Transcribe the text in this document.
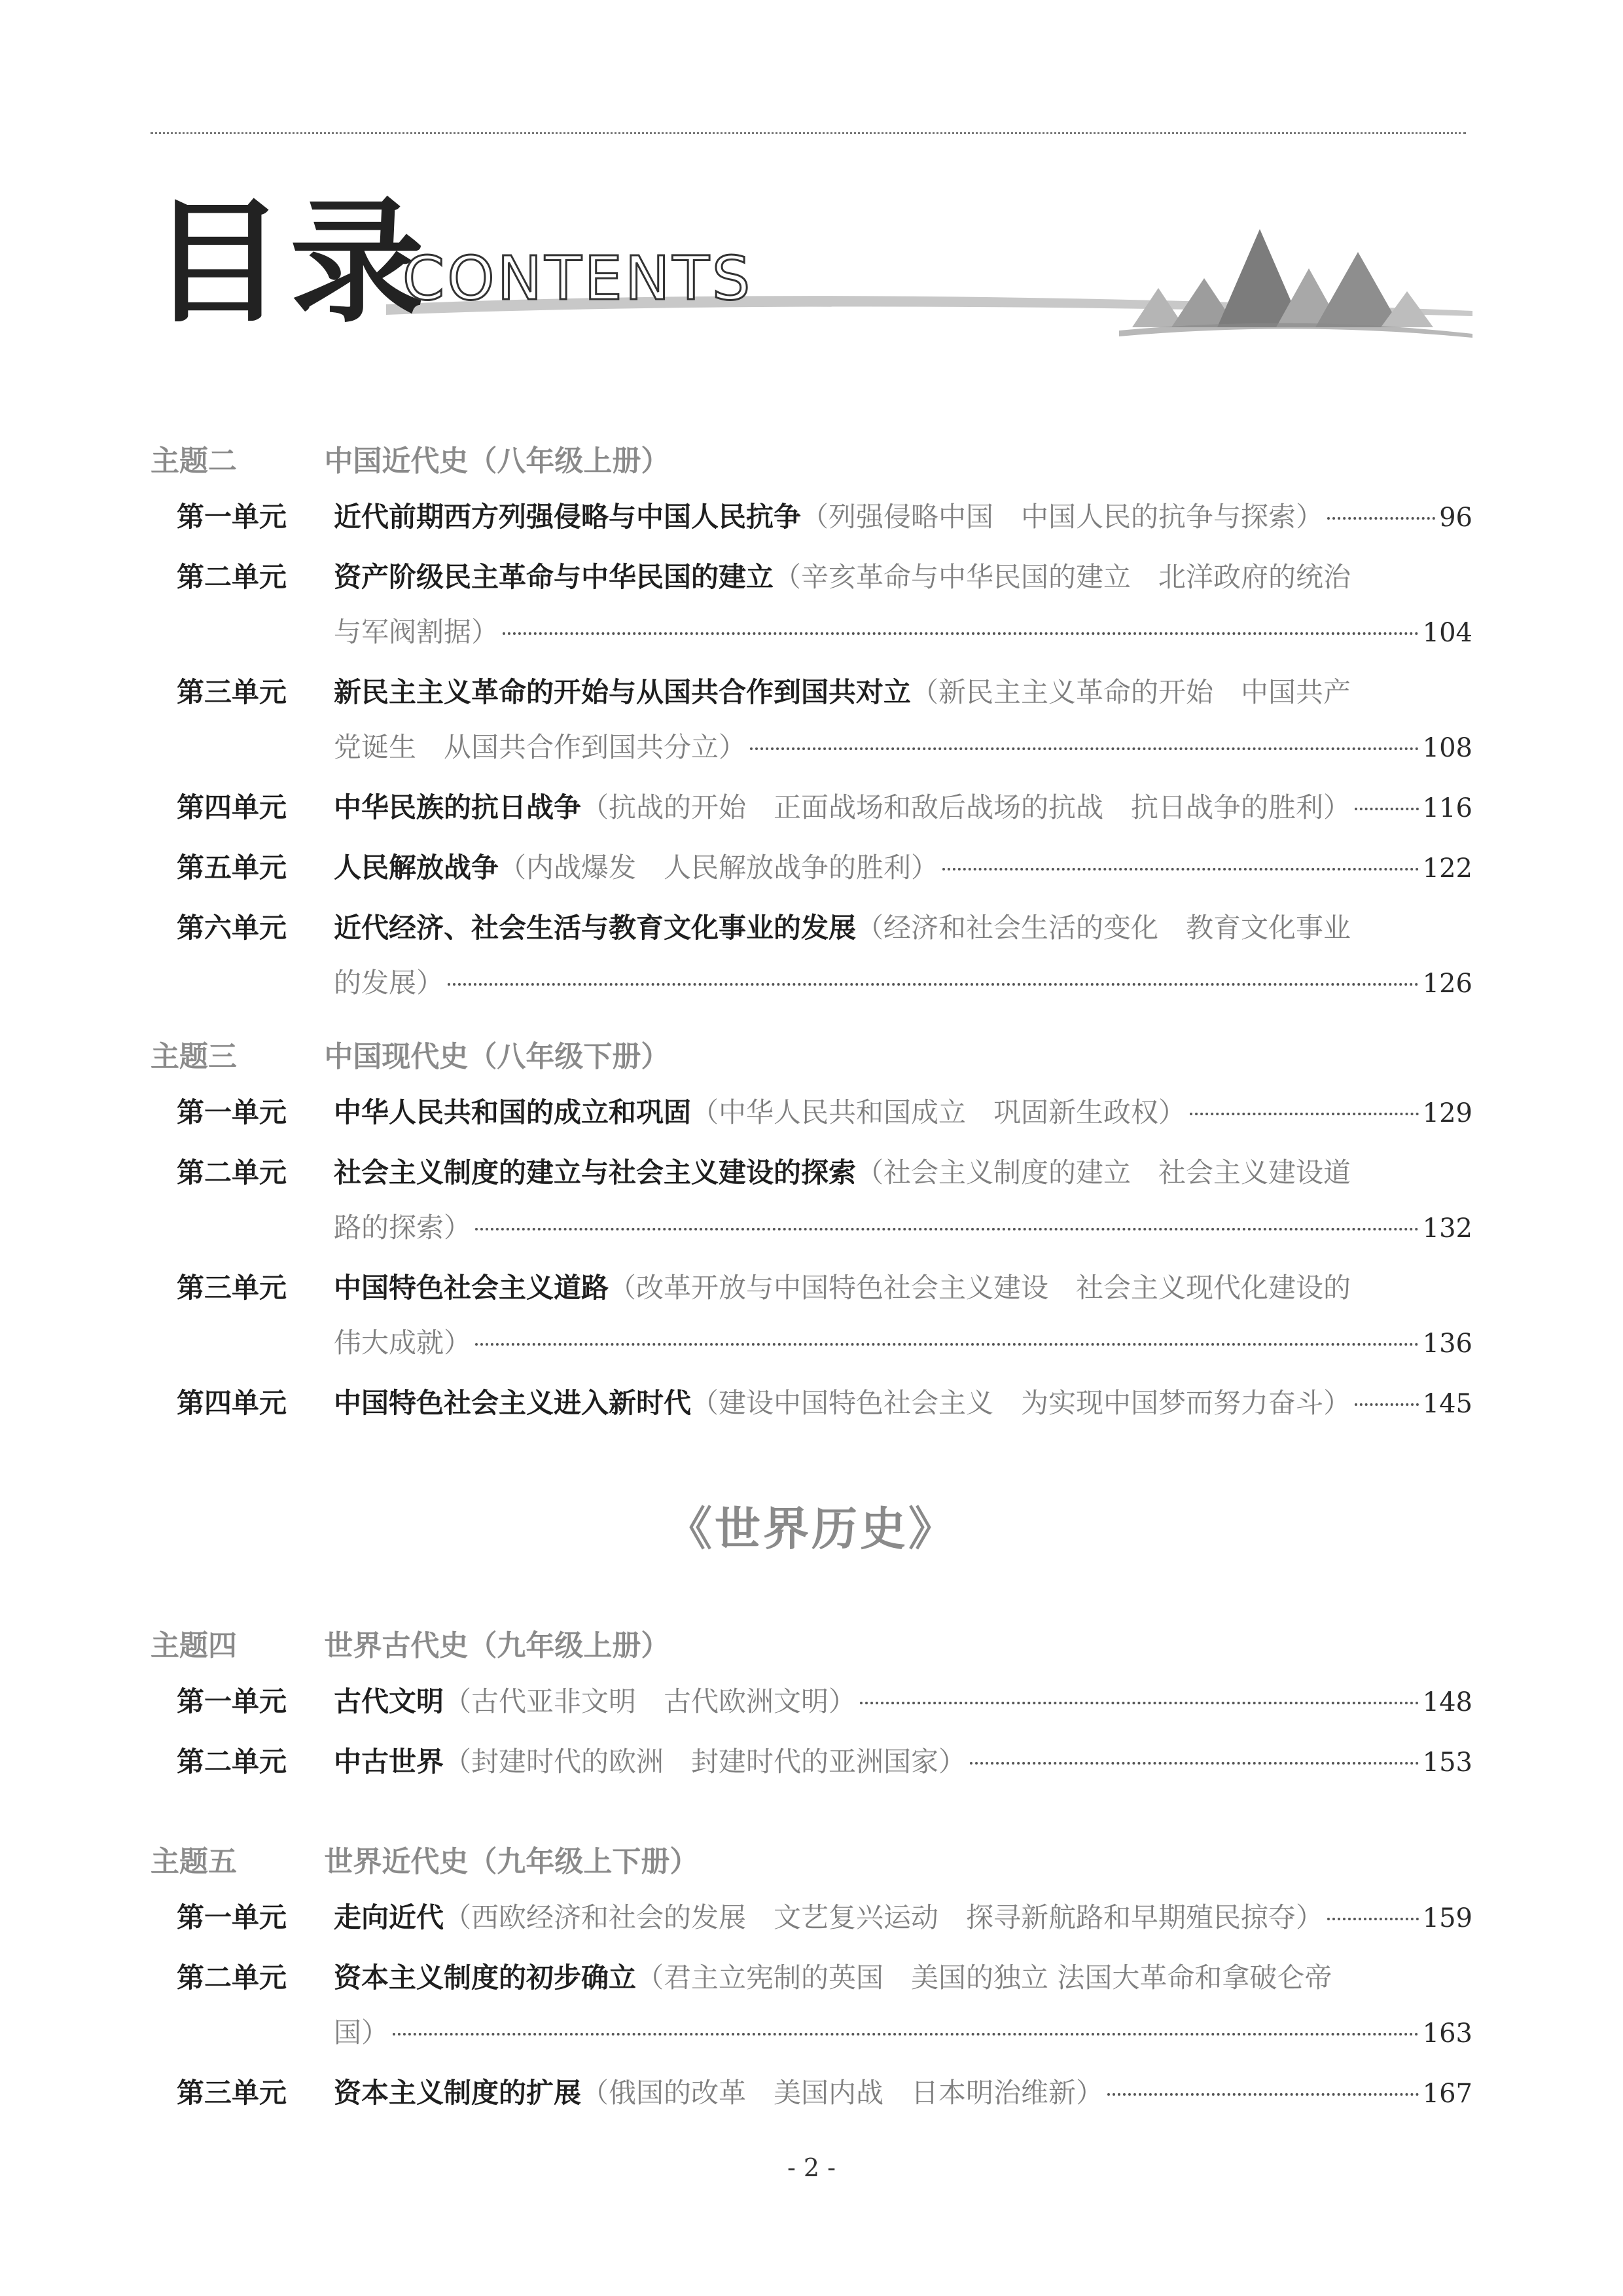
目录
CONTENTS
主题二	中国近代史（八年级上册）
第一单元	近代前期西方列强侵略与中国人民抗争 （列强侵略中国　中国人民的抗争与探索）	96
第二单元	资产阶级民主革命与中华民国的建立 （辛亥革命与中华民国的建立　北洋政府的统治
与军阀割据）	104
第三单元	新民主主义革命的开始与从国共合作到国共对立 （新民主主义革命的开始　中国共产
党诞生　从国共合作到国共分立）	108
第四单元	中华民族的抗日战争 （抗战的开始　正面战场和敌后战场的抗战　抗日战争的胜利）	116
第五单元	人民解放战争 （内战爆发　人民解放战争的胜利）	122
第六单元	近代经济、社会生活与教育文化事业的发展 （经济和社会生活的变化　教育文化事业
的发展）	126
主题三	中国现代史（八年级下册）
第一单元	中华人民共和国的成立和巩固 （中华人民共和国成立　巩固新生政权）	129
第二单元	社会主义制度的建立与社会主义建设的探索 （社会主义制度的建立　社会主义建设道
路的探索）	132
第三单元	中国特色社会主义道路 （改革开放与中国特色社会主义建设　社会主义现代化建设的
伟大成就）	136
第四单元	中国特色社会主义进入新时代 （建设中国特色社会主义　为实现中国梦而努力奋斗）	145
《世界历史》
主题四	世界古代史（九年级上册）
第一单元	古代文明 （古代亚非文明　古代欧洲文明）	148
第二单元	中古世界 （封建时代的欧洲　封建时代的亚洲国家）	153
主题五	世界近代史（九年级上下册）
第一单元	走向近代 （西欧经济和社会的发展　文艺复兴运动　探寻新航路和早期殖民掠夺）	159
第二单元	资本主义制度的初步确立 （君主立宪制的英国　美国的独立 法国大革命和拿破仑帝
国）	163
第三单元	资本主义制度的扩展 （俄国的改革　美国内战　日本明治维新）	167
- 2 -
